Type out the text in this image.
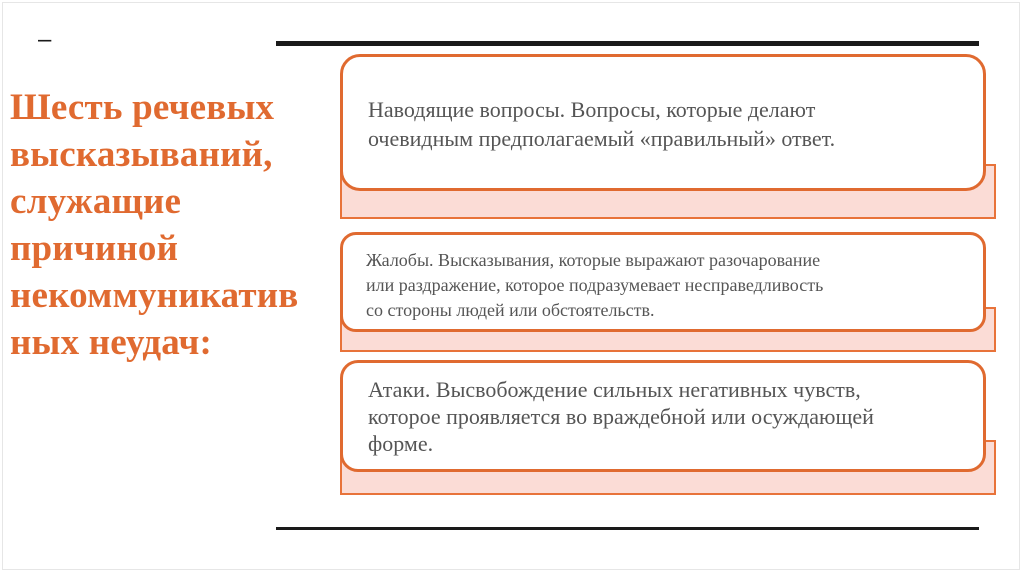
–
Шесть речевых
высказываний,
служащие
причиной
некоммуникатив
ных неудач:
Наводящие вопросы. Вопросы, которые делают
очевидным предполагаемый «правильный» ответ.
Жалобы. Высказывания, которые выражают разочарование
или раздражение, которое подразумевает несправедливость
со стороны людей или обстоятельств.
Атаки. Высвобождение сильных негативных чувств,
которое проявляется во враждебной или осуждающей
форме.
